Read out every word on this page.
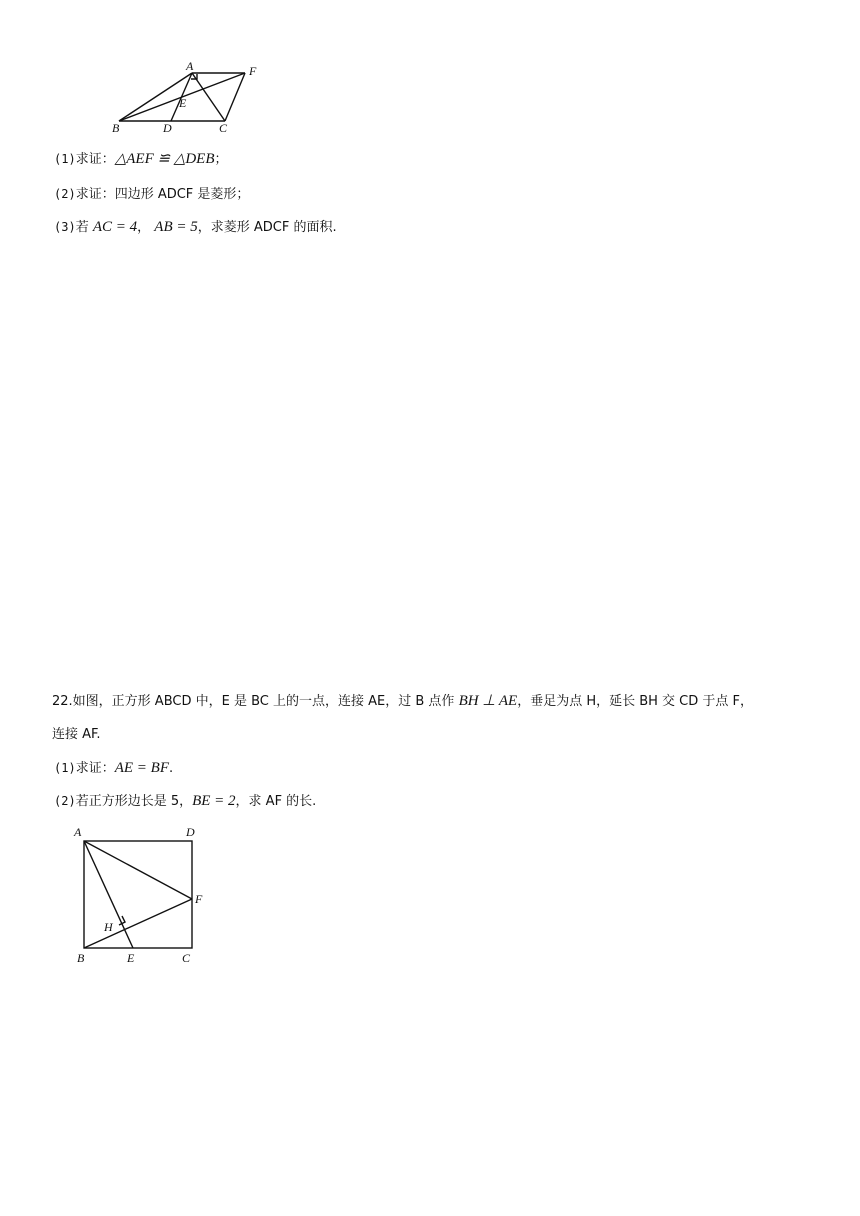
A	F
E
B	D	C
(1)求证：△AEF ≌ △DEB；
(2)求证：四边形 ADCF 是菱形；
(3)若 AC = 4， AB = 5，求菱形 ADCF 的面积.
22.如图，正方形 ABCD 中，E 是 BC 上的一点，连接 AE，过 B 点作 BH ⊥ AE，垂足为点 H，延长 BH 交 CD 于点 F，
连接 AF.
(1)求证：AE = BF.
(2)若正方形边长是 5，BE = 2，求 AF 的长.
A	D
F
H
B	E	C
